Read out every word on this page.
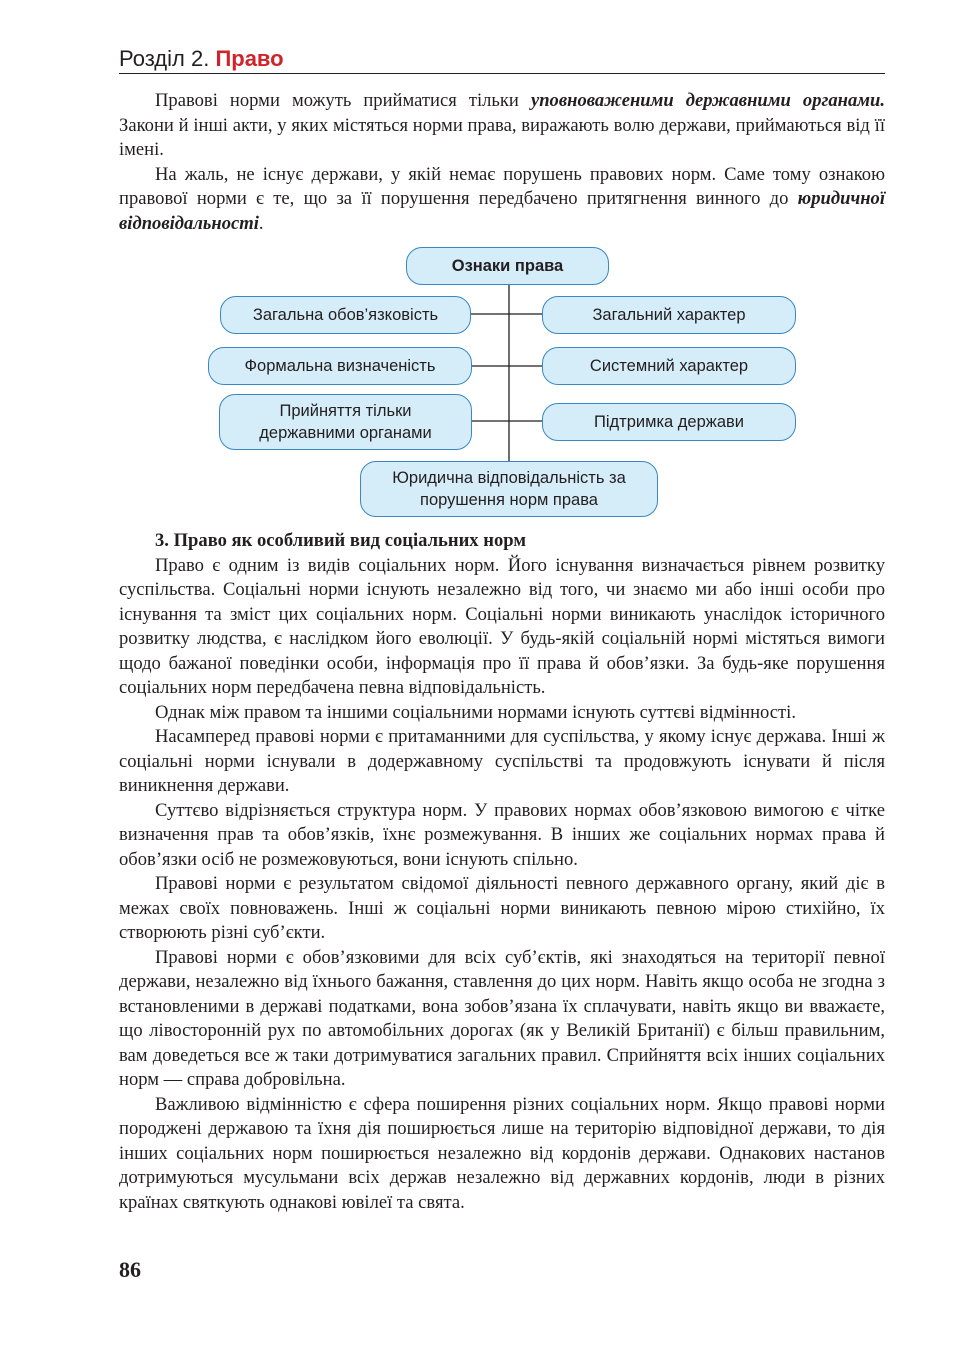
Розділ 2. Право

Правові норми можуть прийматися тільки уповноваженими державними органами. Закони й інші акти, у яких містяться норми права, виражають волю держави, приймаються від її імені.

На жаль, не існує держави, у якій немає порушень правових норм. Саме тому ознакою правової норми є те, що за її порушення передбачено притягнення винного до юридичної відповідальності.

Ознаки права
Загальна обов’язковість
Формальна визначеність
Прийняття тільки державними органами
Загальний характер
Системний характер
Підтримка держави
Юридична відповідальність за порушення норм права

3. Право як особливий вид соціальних норм

Право є одним із видів соціальних норм. Його існування визначається рівнем розвитку суспільства. Соціальні норми існують незалежно від того, чи знаємо ми або інші особи про існування та зміст цих соціальних норм. Соціальні норми виникають унаслідок історичного розвитку людства, є наслідком його еволюції. У будь-якій соціальній нормі містяться вимоги щодо бажаної поведінки особи, інформація про її права й обов’язки. За будь-яке порушення соціальних норм передбачена певна відповідальність.

Однак між правом та іншими соціальними нормами існують суттєві відмінності.

Насамперед правові норми є притаманними для суспільства, у якому існує держава. Інші ж соціальні норми існували в додержавному суспільстві та продовжують існувати й після виникнення держави.

Суттєво відрізняється структура норм. У правових нормах обов’язковою вимогою є чітке визначення прав та обов’язків, їхнє розмежування. В інших же соціальних нормах права й обов’язки осіб не розмежовуються, вони існують спільно.

Правові норми є результатом свідомої діяльності певного державного органу, який діє в межах своїх повноважень. Інші ж соціальні норми виникають певною мірою стихійно, їх створюють різні суб’єкти.

Правові норми є обов’язковими для всіх суб’єктів, які знаходяться на території певної держави, незалежно від їхнього бажання, ставлення до цих норм. Навіть якщо особа не згодна з встановленими в державі податками, вона зобов’язана їх сплачувати, навіть якщо ви вважаєте, що лівосторонній рух по автомобільних дорогах (як у Великій Британії) є більш правильним, вам доведеться все ж таки дотримуватися загальних правил. Сприйняття всіх інших соціальних норм — справа добровільна.

Важливою відмінністю є сфера поширення різних соціальних норм. Якщо правові норми породжені державою та їхня дія поширюється лише на територію відповідної держави, то дія інших соціальних норм поширюється незалежно від кордонів держави. Однакових настанов дотримуються мусульмани всіх держав незалежно від державних кордонів, люди в різних країнах святкують однакові ювілеї та свята.

86
